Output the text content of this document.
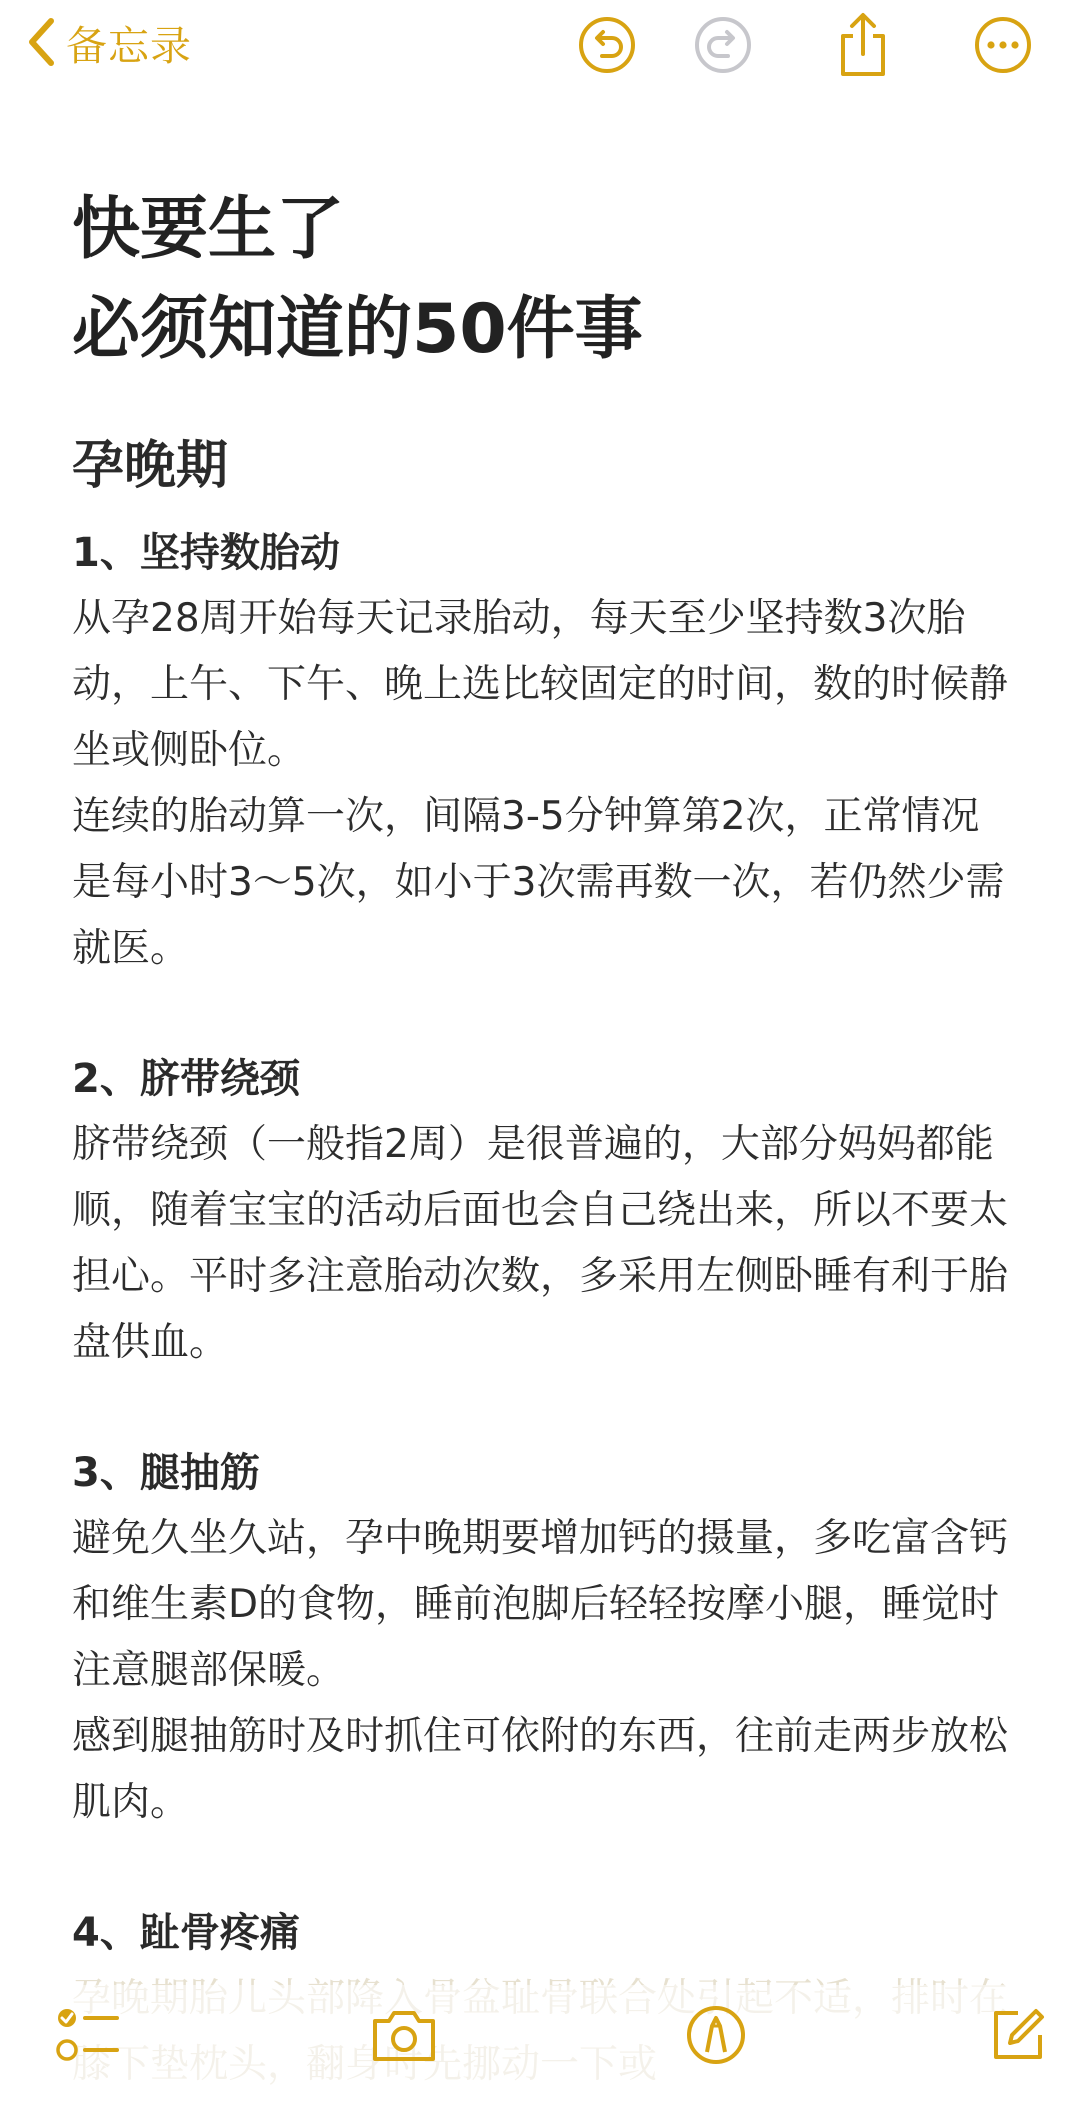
备忘录
快要生了
必须知道的50件事
孕晚期
1、坚持数胎动

从孕28周开始每天记录胎动，每天至少坚持数3次胎动，上午、下午、晚上选比较固定的时间，数的时候静坐或侧卧位。

连续的胎动算一次，间隔3-5分钟算第2次，正常情况是每小时3～5次，如小于3次需再数一次，若仍然少需就医。

2、脐带绕颈

脐带绕颈（一般指2周）是很普遍的，大部分妈妈都能顺，随着宝宝的活动后面也会自己绕出来，所以不要太担心。平时多注意胎动次数，多采用左侧卧睡有利于胎盘供血。

3、腿抽筋

避免久坐久站，孕中晚期要增加钙的摄量，多吃富含钙和维生素D的食物，睡前泡脚后轻轻按摩小腿，睡觉时注意腿部保暖。

感到腿抽筋时及时抓住可依附的东西，往前走两步放松肌肉。

4、趾骨疼痛
